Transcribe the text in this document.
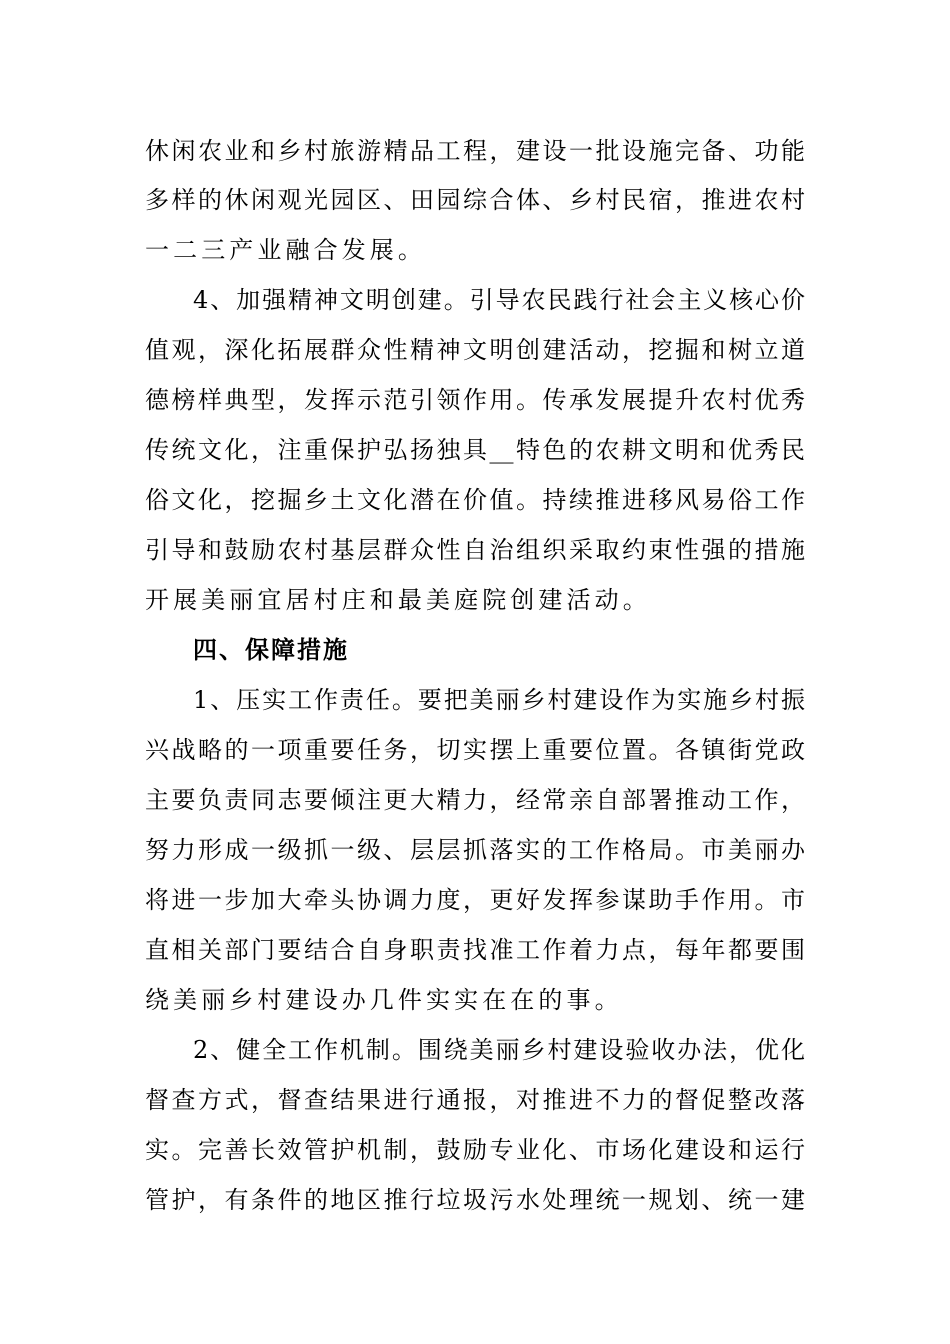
休闲农业和乡村旅游精品工程，建设一批设施完备、功能
多样的休闲观光园区、田园综合体、乡村民宿，推进农村
一二三产业融合发展。
4、加强精神文明创建。引导农民践行社会主义核心价
值观，深化拓展群众性精神文明创建活动，挖掘和树立道
德榜样典型，发挥示范引领作用。传承发展提升农村优秀
传统文化，注重保护弘扬独具__特色的农耕文明和优秀民
俗文化，挖掘乡土文化潜在价值。持续推进移风易俗工作
引导和鼓励农村基层群众性自治组织采取约束性强的措施
开展美丽宜居村庄和最美庭院创建活动。
四、保障措施
1、压实工作责任。要把美丽乡村建设作为实施乡村振
兴战略的一项重要任务，切实摆上重要位置。各镇街党政
主要负责同志要倾注更大精力，经常亲自部署推动工作，
努力形成一级抓一级、层层抓落实的工作格局。市美丽办
将进一步加大牵头协调力度，更好发挥参谋助手作用。市
直相关部门要结合自身职责找准工作着力点，每年都要围
绕美丽乡村建设办几件实实在在的事。
2、健全工作机制。围绕美丽乡村建设验收办法，优化
督查方式，督查结果进行通报，对推进不力的督促整改落
实。完善长效管护机制，鼓励专业化、市场化建设和运行
管护，有条件的地区推行垃圾污水处理统一规划、统一建
